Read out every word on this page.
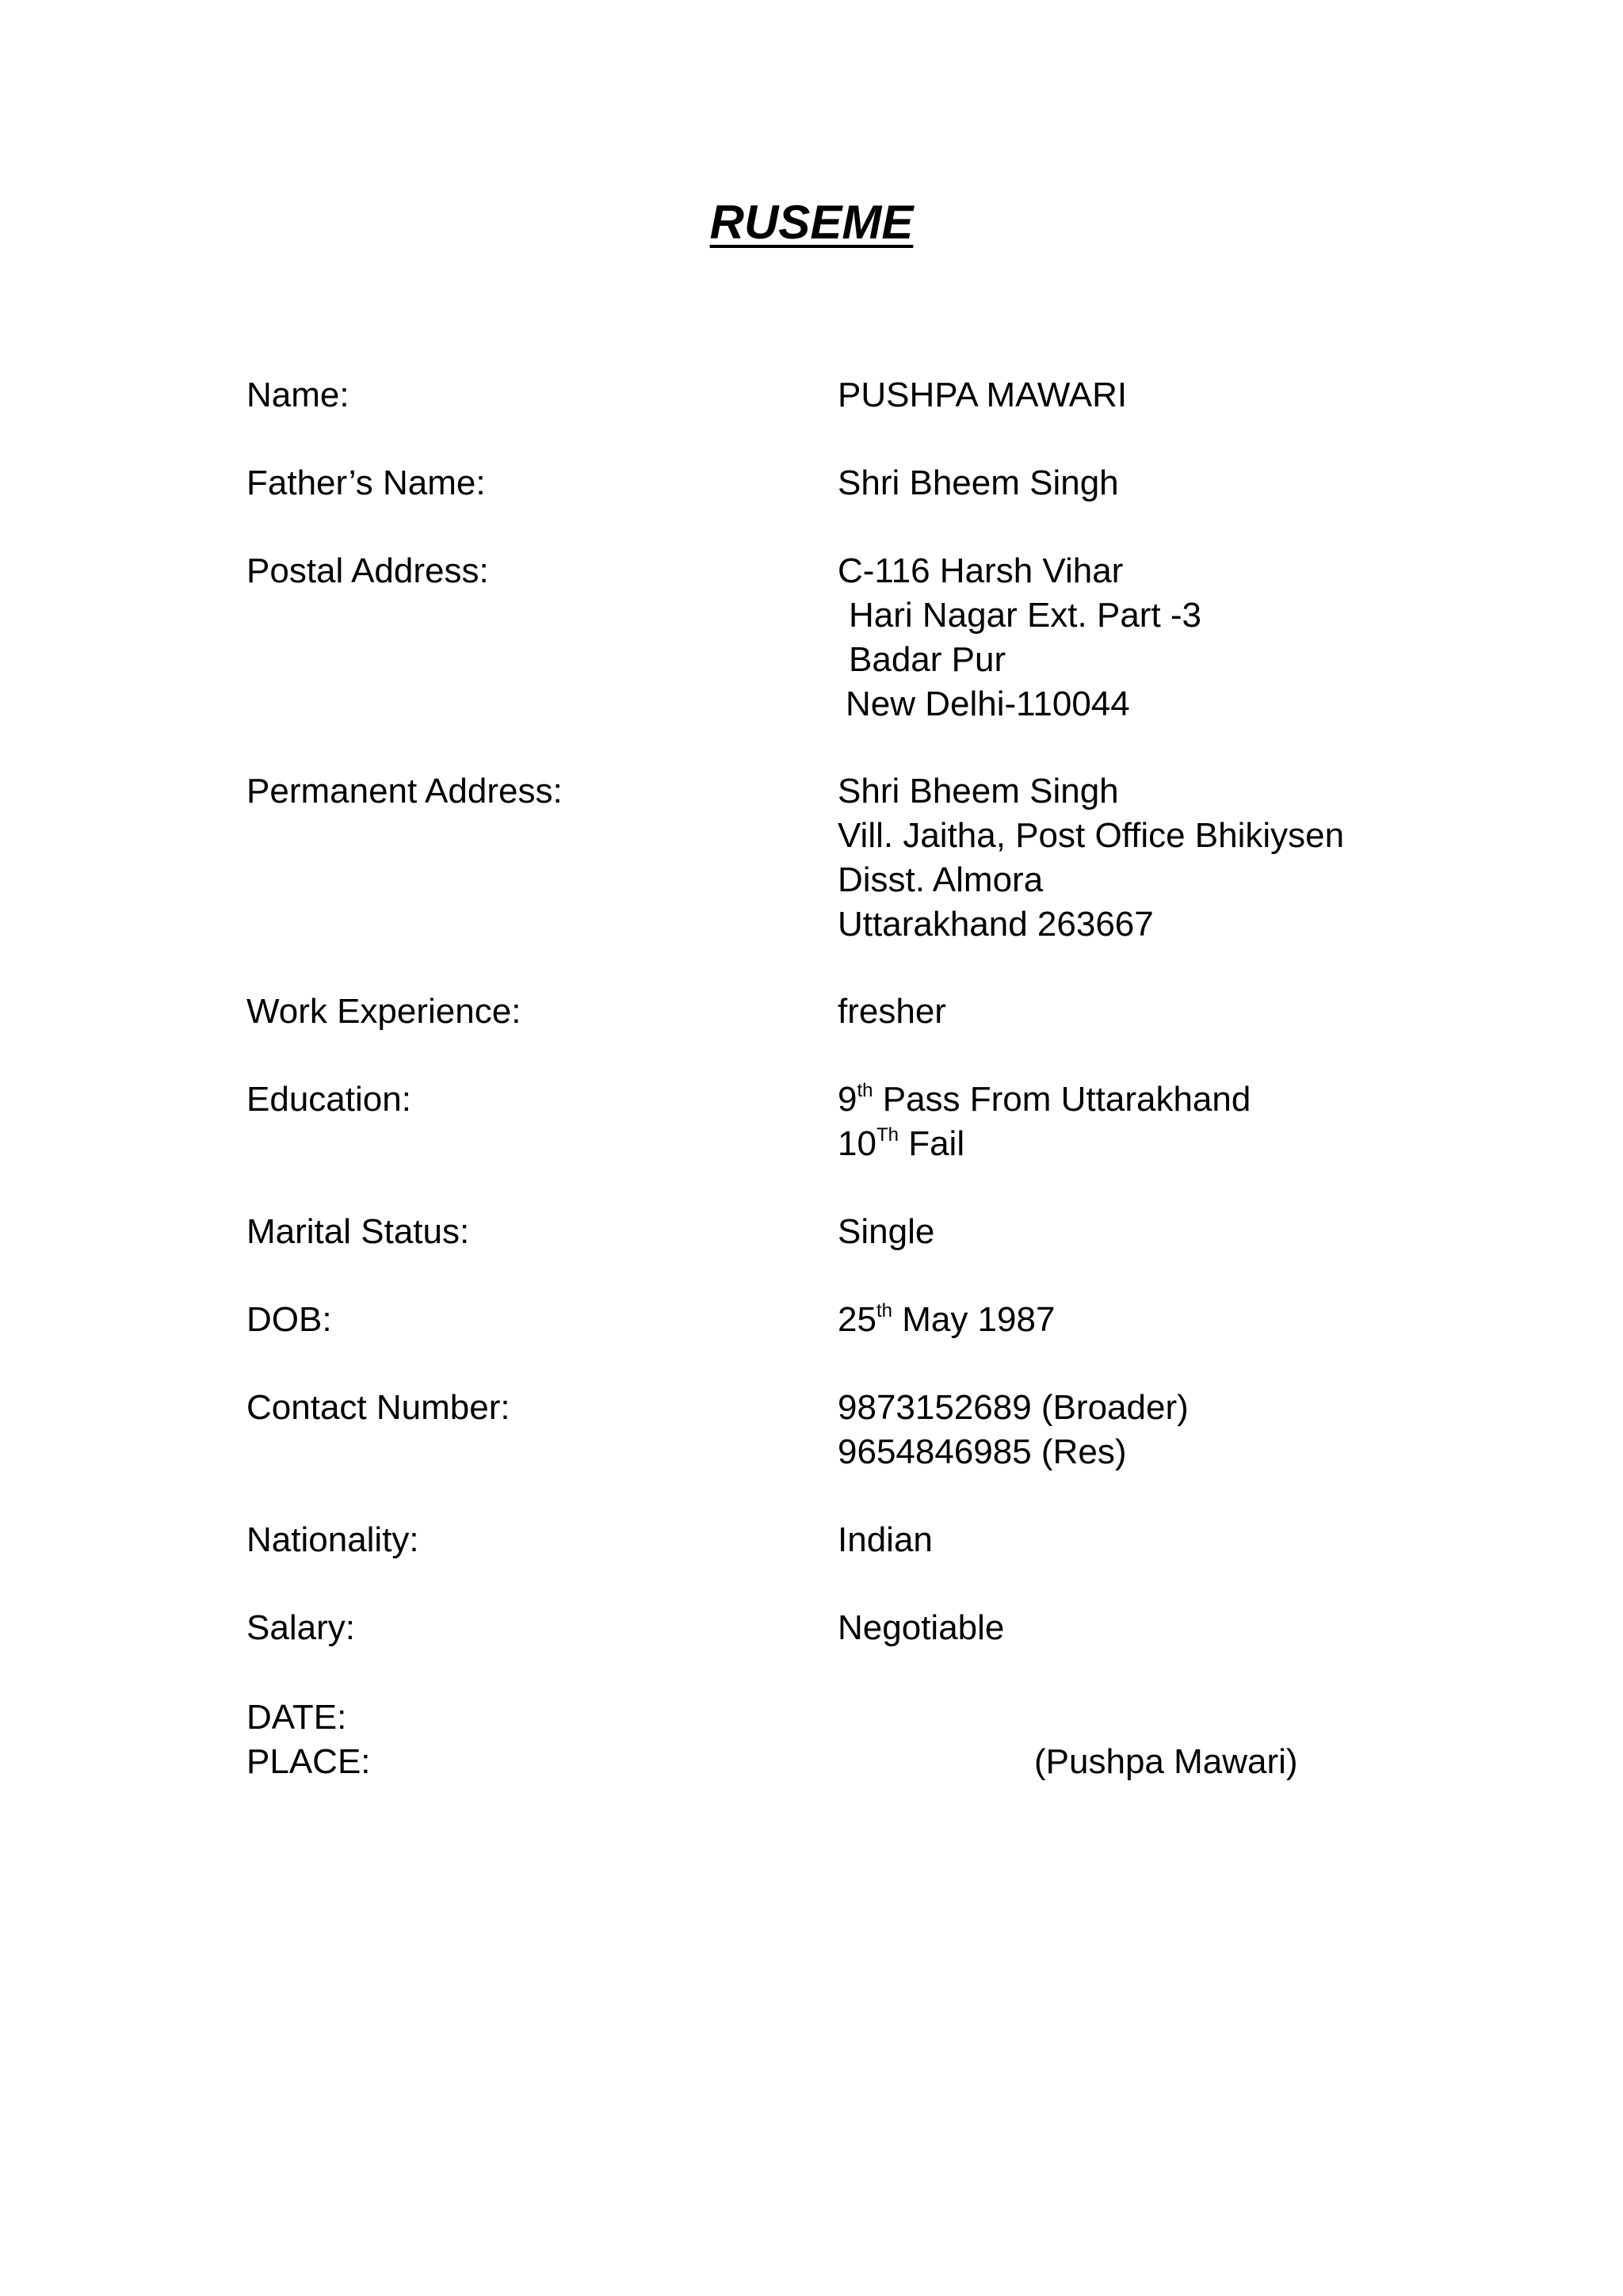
RUSEME
Name:	PUSHPA MAWARI
Father’s Name:	Shri Bheem Singh
Postal Address:	C-116 Harsh Vihar
Hari Nagar Ext. Part -3
Badar Pur
New Delhi-110044
Permanent Address:	Shri Bheem Singh
Vill. Jaitha, Post Office Bhikiysen
Disst. Almora
Uttarakhand 263667
Work Experience:	fresher
Education:	9th Pass From Uttarakhand
10Th Fail
Marital Status:	Single
DOB:	25th May 1987
Contact Number:	9873152689 (Broader)
9654846985 (Res)
Nationality:	Indian
Salary:	Negotiable
DATE:
PLACE:	(Pushpa Mawari)
